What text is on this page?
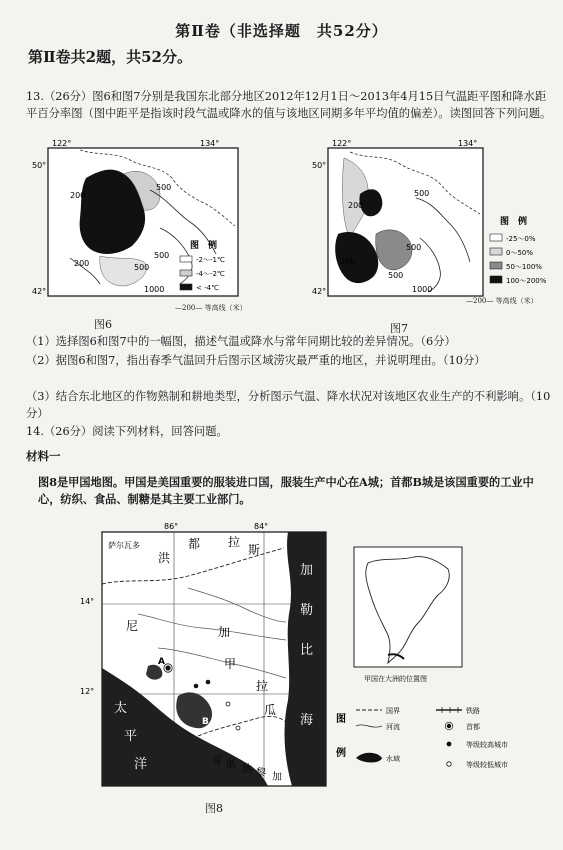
第Ⅱ卷（非选择题　共52分）
第Ⅱ卷共2题，共52分。
13.（26分）图6和图7分别是我国东北部分地区2012年12月1日～2013年4月15日气温距平图和降水距平百分率图（图中距平是指该时段气温或降水的值与该地区同期多年平均值的偏差）。读图回答下列问题。
122°	134°
50°
42°
200
500
200
500
1000
500
图　例
-2～-1℃
-4～-2℃
< -4℃
—200— 等高线（米）
图6
122°	134°
50°
42°
200
500
200
500
1000
500
图　例
-25～0%
0～50%
50～100%
100～200%
—200— 等高线（米）
图7
（1）选择图6和图7中的一幅图，描述气温或降水与常年同期比较的差异情况。（6分）
（2）据图6和图7，指出春季气温回升后图示区域涝灾最严重的地区，并说明理由。（10分）
（3）结合东北地区的作物熟制和耕地类型，分析图示气温、降水状况对该地区农业生产的不利影响。（10分）
14.（26分）阅读下列材料，回答问题。
材料一
图8是甲国地图。甲国是美国重要的服装进口国，服装生产中心在A城；首都B城是该国重要的工业中心，纺织、食品、制糖是其主要工业部门。
86°	84°
14°
12°
萨尔瓦多
洪
都 拉
斯
甲
尼	加
拉
瓜
哥 斯 达 黎 加
太
平
洋
加
勒
比
海
A
B
图8
甲国在大洲的位置图
图
例
国界	铁路
河流	首都
等级较高城市
水域
等级较低城市
